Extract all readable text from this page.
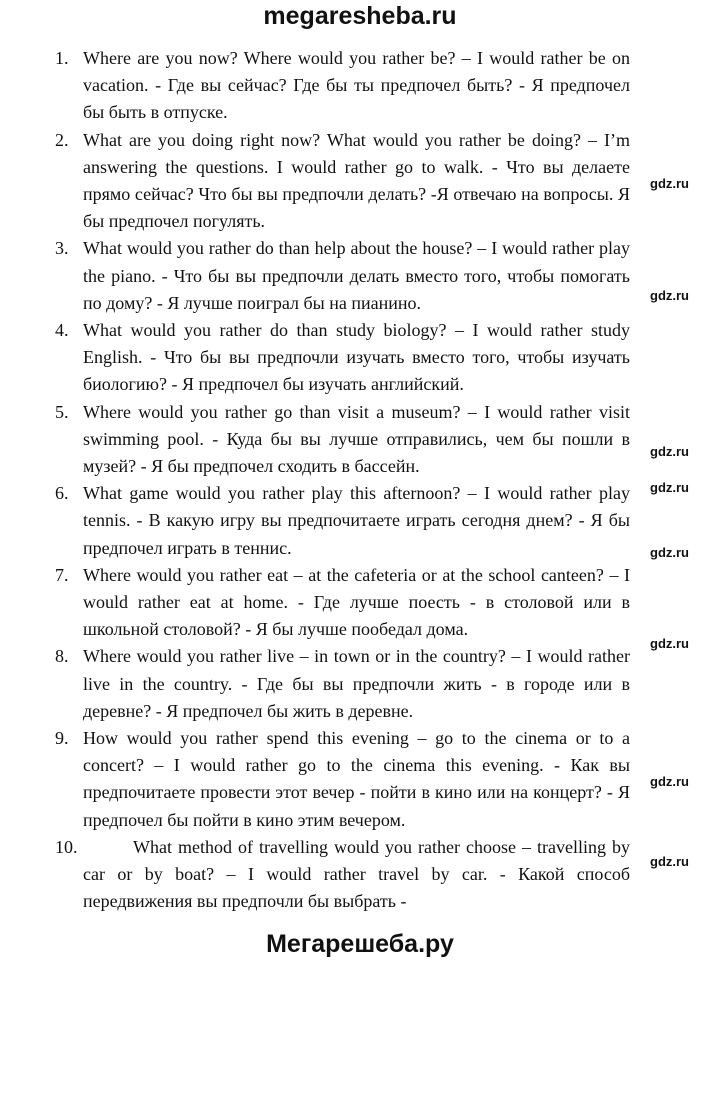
megaresheba.ru
1. Where are you now? Where would you rather be? – I would rather be on vacation. - Где вы сейчас? Где бы ты предпочел быть? - Я предпочел бы быть в отпуске.
2. What are you doing right now? What would you rather be doing? – I’m answering the questions. I would rather go to walk. - Что вы делаете прямо сейчас? Что бы вы предпочли делать? -Я отвечаю на вопросы. Я бы предпочел погулять.
3. What would you rather do than help about the house? – I would rather play the piano. - Что бы вы предпочли делать вместо того, чтобы помогать по дому? - Я лучше поиграл бы на пианино.
4. What would you rather do than study biology? – I would rather study English. - Что бы вы предпочли изучать вместо того, чтобы изучать биологию? - Я предпочел бы изучать английский.
5. Where would you rather go than visit a museum? – I would rather visit swimming pool. - Куда бы вы лучше отправились, чем бы пошли в музей? - Я бы предпочел сходить в бассейн.
6. What game would you rather play this afternoon? – I would rather play tennis. - В какую игру вы предпочитаете играть сегодня днем? - Я бы предпочел играть в теннис.
7. Where would you rather eat – at the cafeteria or at the school canteen? – I would rather eat at home. - Где лучше поесть - в столовой или в школьной столовой? - Я бы лучше пообедал дома.
8. Where would you rather live – in town or in the country? – I would rather live in the country. - Где бы вы предпочли жить - в городе или в деревне? - Я предпочел бы жить в деревне.
9. How would you rather spend this evening – go to the cinema or to a concert? – I would rather go to the cinema this evening. - Как вы предпочитаете провести этот вечер - пойти в кино или на концерт? - Я предпочел бы пойти в кино этим вечером.
10.	What method of travelling would you rather choose – travelling by car or by boat? – I would rather travel by car. - Какой способ передвижения вы предпочли бы выбрать -
gdz.ru
gdz.ru
gdz.ru
gdz.ru
gdz.ru
gdz.ru
gdz.ru
gdz.ru
Мегарешеба.ру
